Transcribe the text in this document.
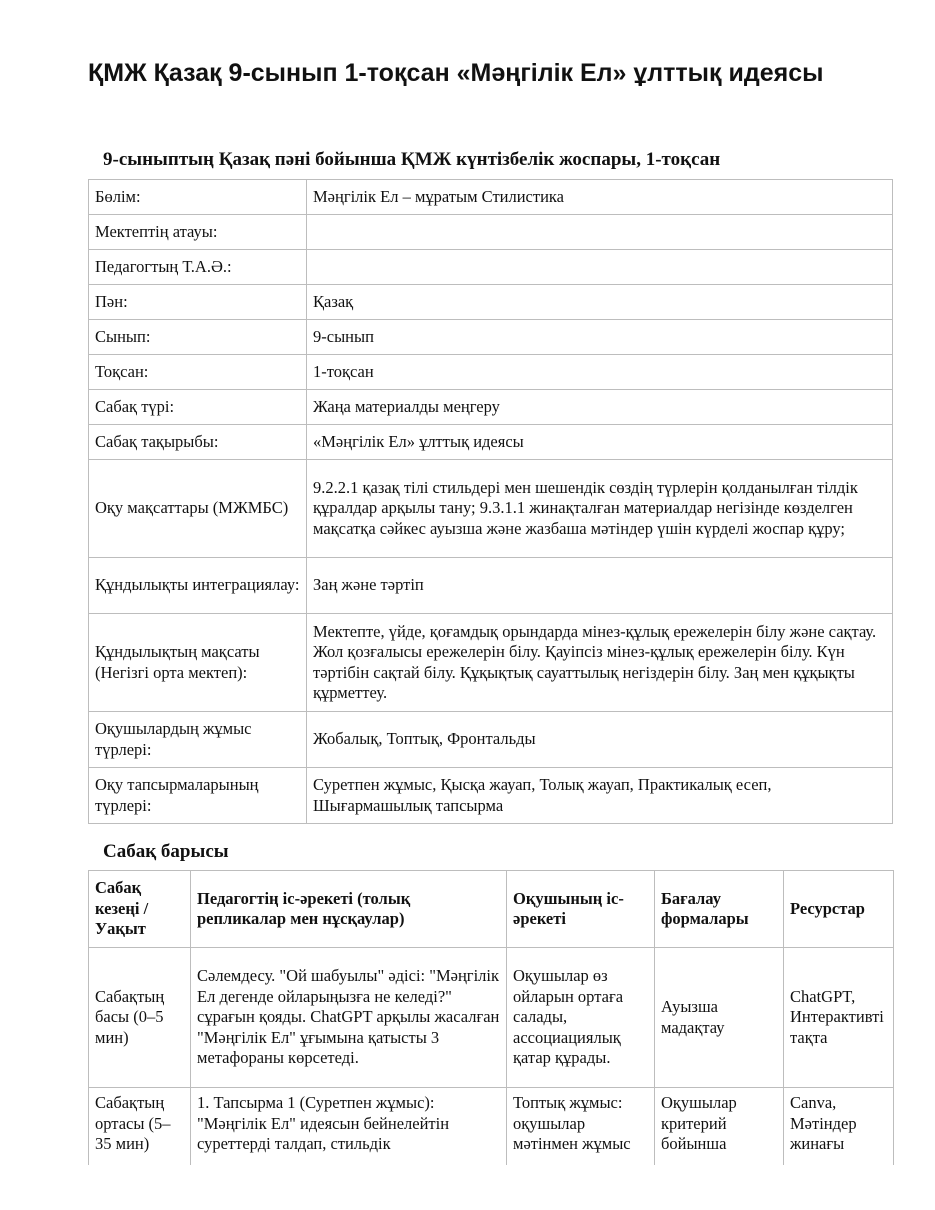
ҚМЖ Қазақ 9-сынып 1-тоқсан «Мәңгілік Ел» ұлттық идеясы
9-сыныптың Қазақ пәні бойынша ҚМЖ күнтізбелік жоспары, 1-тоқсан
Бөлім:	Мәңгілік Ел – мұратым Стилистика
Мектептің атауы:	
Педагогтың Т.А.Ә.:	
Пән:	Қазақ
Сынып:	9-сынып
Тоқсан:	1-тоқсан
Сабақ түрі:	Жаңа материалды меңгеру
Сабақ тақырыбы:	«Мәңгілік Ел» ұлттық идеясы
Оқу мақсаттары (МЖМБС)	9.2.2.1 қазақ тілі стильдері мен шешендік сөздің түрлерін қолданылған тілдік құралдар арқылы тану; 9.3.1.1 жинақталған материалдар негізінде көзделген мақсатқа сәйкес ауызша және жазбаша мәтіндер үшін күрделі жоспар құру;
Құндылықты интеграциялау:	Заң және тәртіп
Құндылықтың мақсаты (Негізгі орта мектеп):	Мектепте, үйде, қоғамдық орындарда мінез-құлық ережелерін білу және сақтау. Жол қозғалысы ережелерін білу. Қауіпсіз мінез-құлық ережелерін білу. Күн тәртібін сақтай білу. Құқықтық сауаттылық негіздерін білу. Заң мен құқықты құрметтеу.
Оқушылардың жұмыс түрлері:	Жобалық, Топтық, Фронтальды
Оқу тапсырмаларының түрлері:	Суретпен жұмыс, Қысқа жауап, Толық жауап, Практикалық есеп, Шығармашылық тапсырма
Сабақ барысы
Сабақ кезеңі / Уақыт	Педагогтің іс-әрекеті (толық репликалар мен нұсқаулар)	Оқушының іс-әрекеті	Бағалау формалары	Ресурстар
Сабақтың басы (0–5 мин)	Сәлемдесу. "Ой шабуылы" әдісі: "Мәңгілік Ел дегенде ойларыңызға не келеді?" сұрағын қояды. ChatGPT арқылы жасалған "Мәңгілік Ел" ұғымына қатысты 3 метафораны көрсетеді.	Оқушылар өз ойларын ортаға салады, ассоциациялық қатар құрады.	Ауызша мадақтау	ChatGPT, Интерактивті тақта
Сабақтың ортасы (5–35 мин)	1. Тапсырма 1 (Суретпен жұмыс): "Мәңгілік Ел" идеясын бейнелейтін суреттерді талдап, стильдік	Топтық жұмыс: оқушылар мәтінмен жұмыс	Оқушылар критерий бойынша	Canva, Мәтіндер жинағы
